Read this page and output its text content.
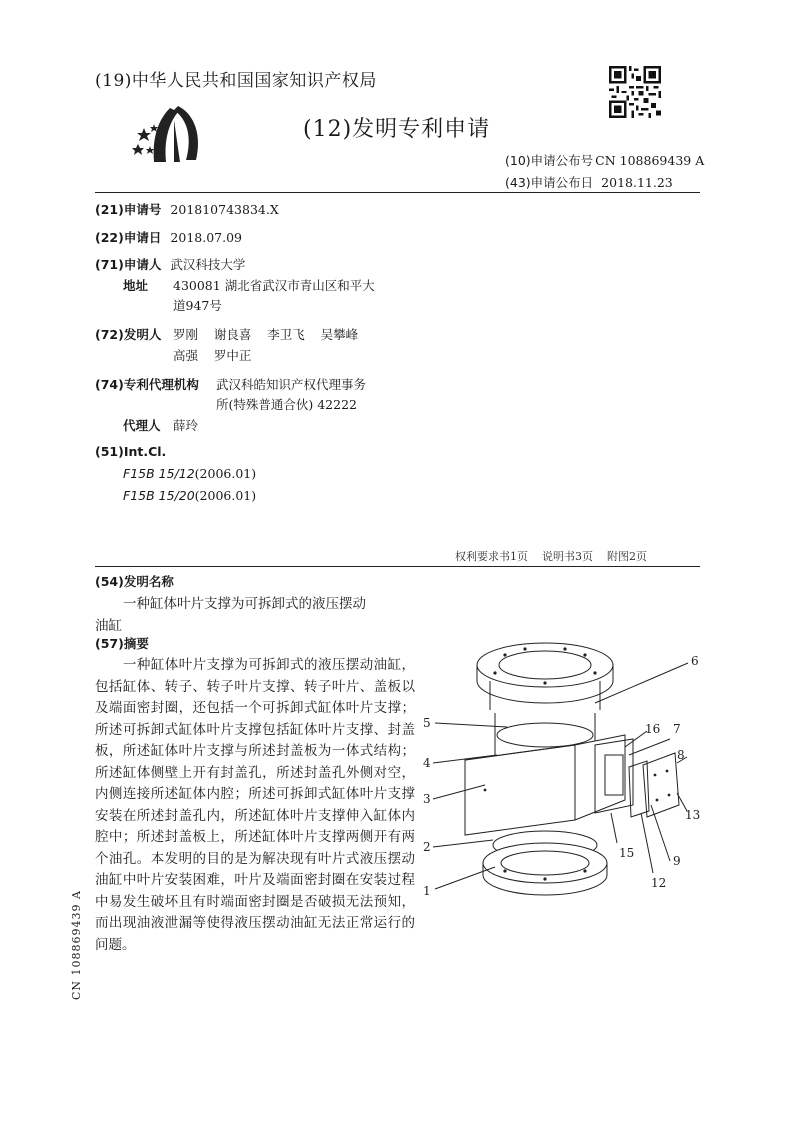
(19)中华人民共和国国家知识产权局
(12)发明专利申请
(10)申请公布号 CN 108869439 A
(43)申请公布日 2018.11.23
(21)申请号 201810743834.X
(22)申请日 2018.07.09
(71)申请人 武汉科技大学
地址 430081 湖北省武汉市青山区和平大
道947号
(72)发明人 罗刚    谢良喜    李卫飞    吴攀峰
高强    罗中正
(74)专利代理机构 武汉科皓知识产权代理事务
所(特殊普通合伙) 42222
代理人 薛玲
(51)Int.Cl.
F15B 15/12(2006.01)
F15B 15/20(2006.01)
权利要求书1页    说明书3页    附图2页
(54)发明名称
一种缸体叶片支撑为可拆卸式的液压摆动
油缸
(57)摘要
一种缸体叶片支撑为可拆卸式的液压摆动油缸，包括缸体、转子、转子叶片支撑、转子叶片、盖板以及端面密封圈，还包括一个可拆卸式缸体叶片支撑；所述可拆卸式缸体叶片支撑包括缸体叶片支撑、封盖板，所述缸体叶片支撑与所述封盖板为一体式结构；所述缸体侧壁上开有封盖孔，所述封盖孔外侧对空，内侧连接所述缸体内腔；所述可拆卸式缸体叶片支撑安装在所述封盖孔内，所述缸体叶片支撑伸入缸体内腔中；所述封盖板上，所述缸体叶片支撑两侧开有两个油孔。本发明的目的是为解决现有叶片式液压摆动油缸中叶片安装困难，叶片及端面密封圈在安装过程中易发生破坏且有时端面密封圈是否破损无法预知，而出现油液泄漏等使得液压摆动油缸无法正常运行的问题。
CN 108869439 A
6
5
4
3
2
1
16 7
8
13
9
12
15
